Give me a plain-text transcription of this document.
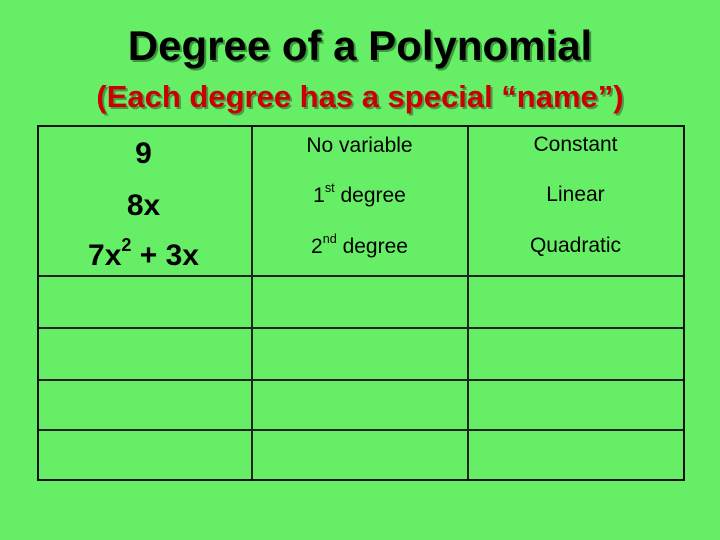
Degree of a Polynomial
(Each degree has a special “name”)
9	No variable	Constant
8x	1st degree	Linear
$7x^2 + 3x$	2nd degree	Quadratic
